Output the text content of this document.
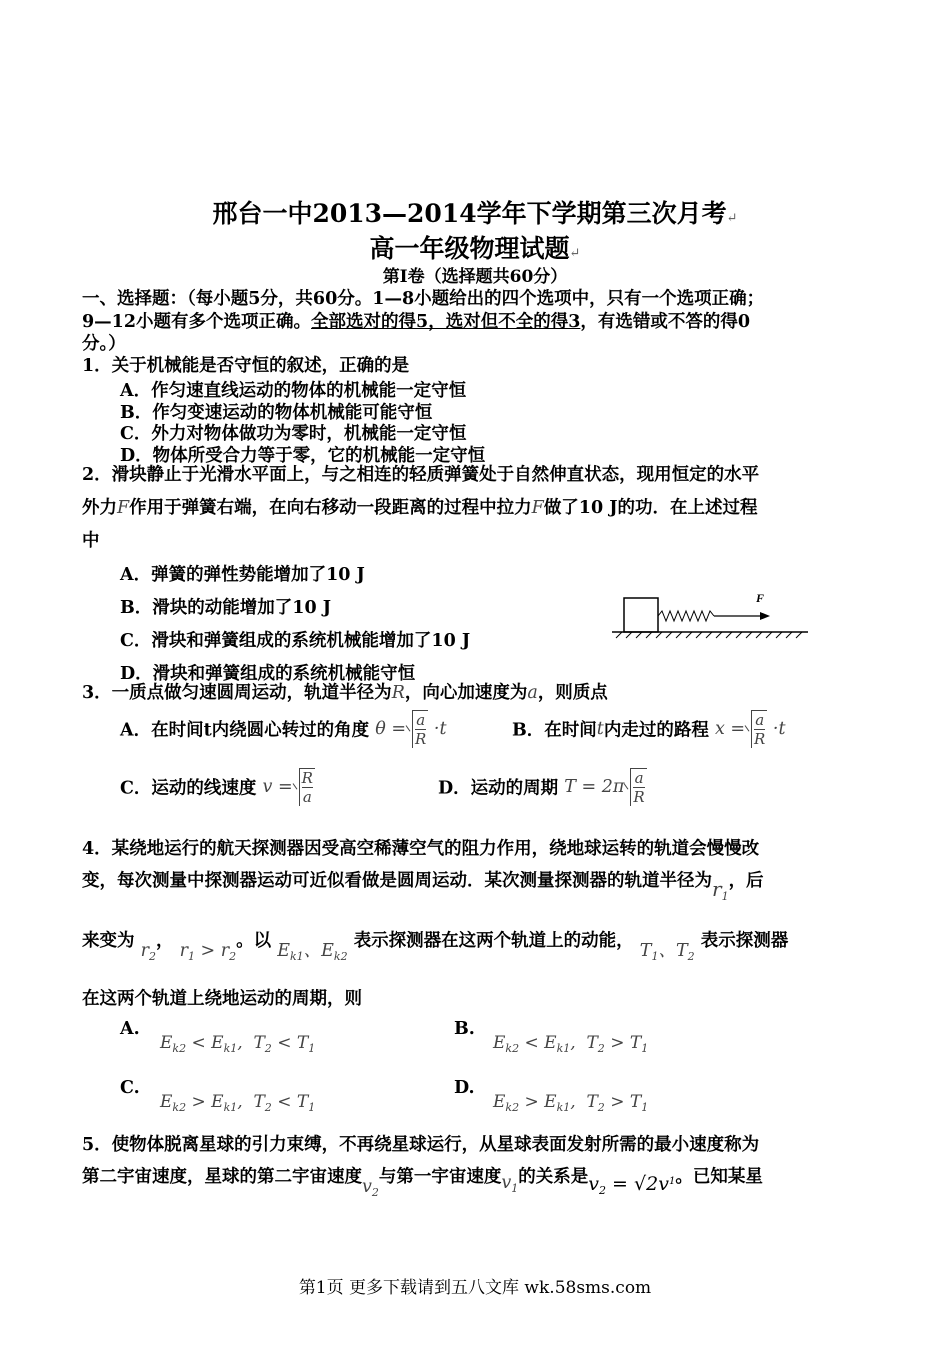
邢台一中2013—2014学年下学期第三次月考↵
高一年级物理试题↵
第Ⅰ卷（选择题共60分）
一、选择题：（每小题5分，共60分。1—8小题给出的四个选项中，只有一个选项正确；
9—12小题有多个选项正确。全部选对的得5，选对但不全的得3，有选错或不答的得0
分。）
1．关于机械能是否守恒的叙述，正确的是
A．作匀速直线运动的物体的机械能一定守恒
B．作匀变速运动的物体机械能可能守恒
C．外力对物体做功为零时，机械能一定守恒
D．物体所受合力等于零，它的机械能一定守恒
2．滑块静止于光滑水平面上，与之相连的轻质弹簧处于自然伸直状态，现用恒定的水平
外力F作用于弹簧右端，在向右移动一段距离的过程中拉力F做了10 J的功．在上述过程
中
A．弹簧的弹性势能增加了10 J
B．滑块的动能增加了10 J
C．滑块和弹簧组成的系统机械能增加了10 J
D．滑块和弹簧组成的系统机械能守恒
F
3．一质点做匀速圆周运动，轨道半径为R，向心加速度为a，则质点
A．在时间t内绕圆心转过的角度 $\theta = \frac{a}{R} \cdot t$	B．在时间t内走过的路程 $x = \frac{a}{R} \cdot t$
C．运动的线速度 $v = \frac{R}{a}$	D．运动的周期 $T = 2\pi \frac{a}{R}$
4．某绕地运行的航天探测器因受高空稀薄空气的阻力作用，绕地球运转的轨道会慢慢改
变，每次测量中探测器运动可近似看做是圆周运动．某次测量探测器的轨道半径为$r_1$，后
来变为 $r_2$， $r_1 > r_2$。以 $E_{k1}$、$E_{k2}$ 表示探测器在这两个轨道上的动能， $T_1$、$T_2$ 表示探测器
在这两个轨道上绕地运动的周期，则
A.
$E_{k2} < E_{k1}$,  $T_2 < T_1$
B.
$E_{k2} < E_{k1}$,  $T_2 > T_1$
C.
$E_{k2} > E_{k1}$,  $T_2 < T_1$
D.
$E_{k2} > E_{k1}$,  $T_2 > T_1$
5．使物体脱离星球的引力束缚，不再绕星球运行，从星球表面发射所需的最小速度称为
第二宇宙速度，星球的第二宇宙速度$v_2$与第一宇宙速度$v_1$的关系是$v_2 = √2v^1$。已知某星
第1页 更多下载请到五八文库 wk.58sms.com
